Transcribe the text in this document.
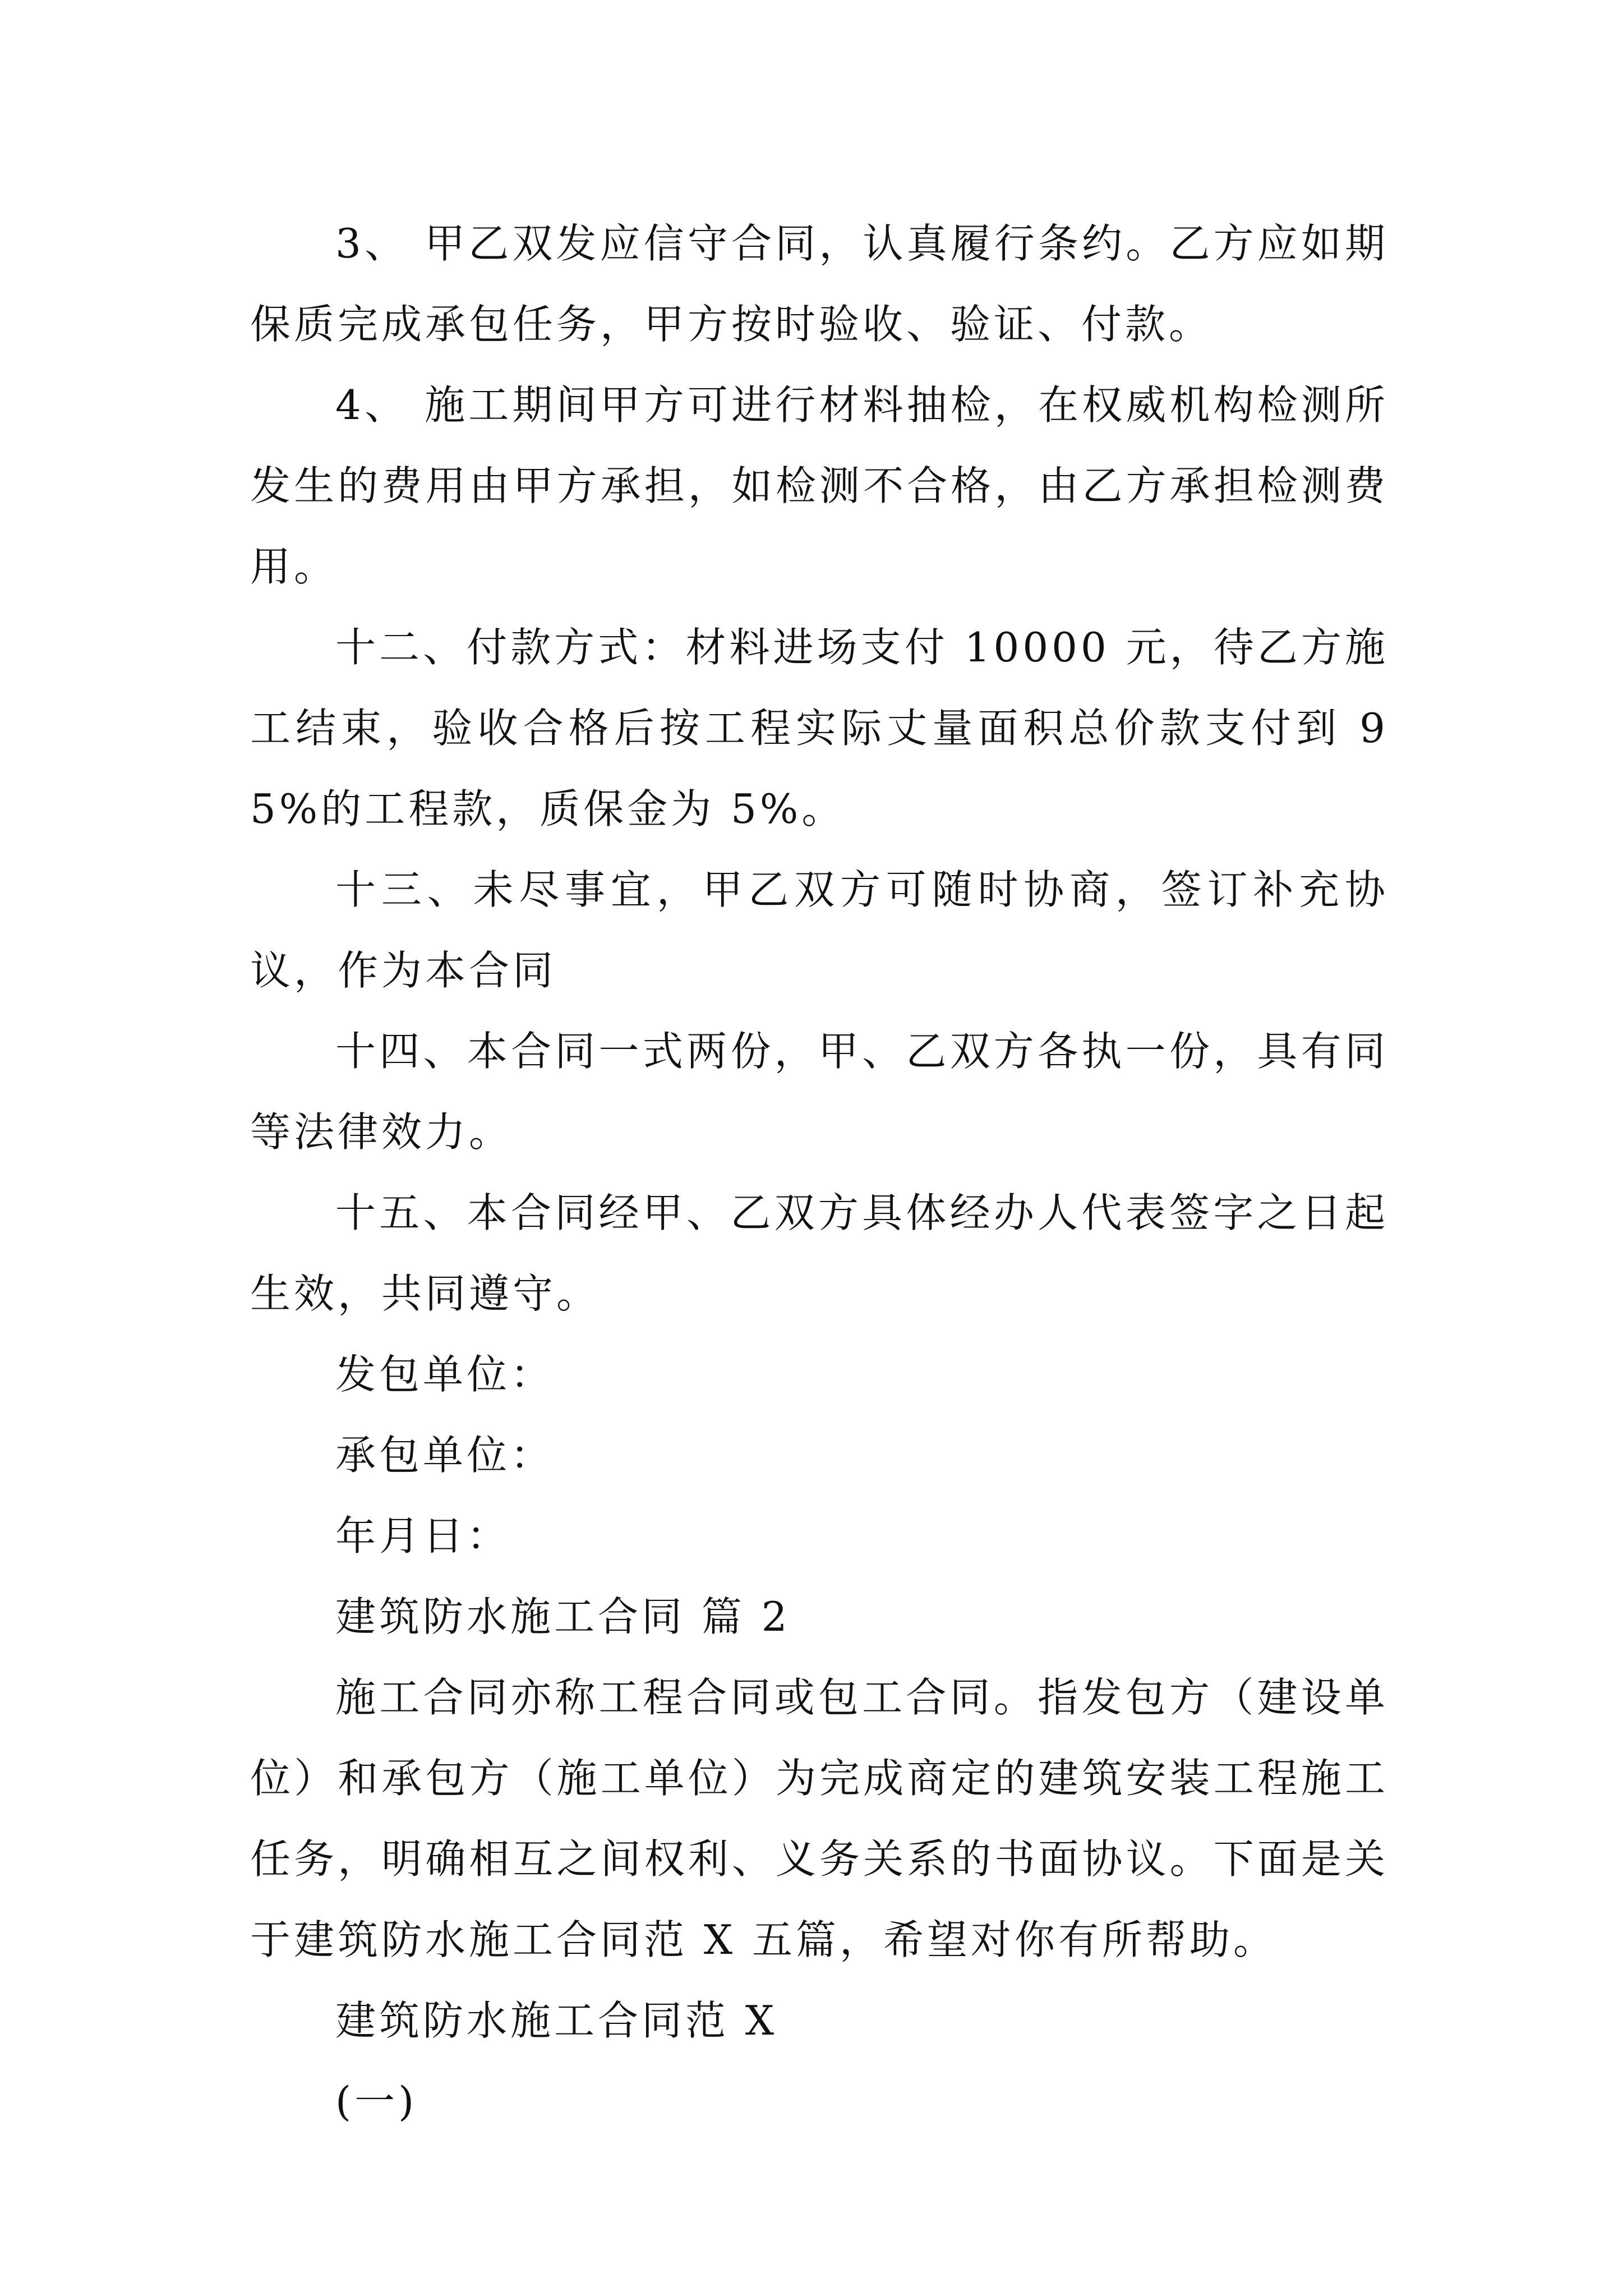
3、 甲乙双发应信守合同，认真履行条约。乙方应如期保质完成承包任务，甲方按时验收、验证、付款。

4、 施工期间甲方可进行材料抽检，在权威机构检测所发生的费用由甲方承担，如检测不合格，由乙方承担检测费用。

十二、付款方式：材料进场支付 10000 元，待乙方施工结束，验收合格后按工程实际丈量面积总价款支付到 95%的工程款，质保金为 5%。

十三、未尽事宜，甲乙双方可随时协商，签订补充协议，作为本合同

十四、本合同一式两份，甲、乙双方各执一份，具有同等法律效力。

十五、本合同经甲、乙双方具体经办人代表签字之日起生效，共同遵守。

发包单位：

承包单位：

年月日：

建筑防水施工合同 篇 2

施工合同亦称工程合同或包工合同。指发包方（建设单位）和承包方（施工单位）为完成商定的建筑安装工程施工任务，明确相互之间权利、义务关系的书面协议。下面是关于建筑防水施工合同范 X 五篇，希望对你有所帮助。

建筑防水施工合同范 X

(一)
